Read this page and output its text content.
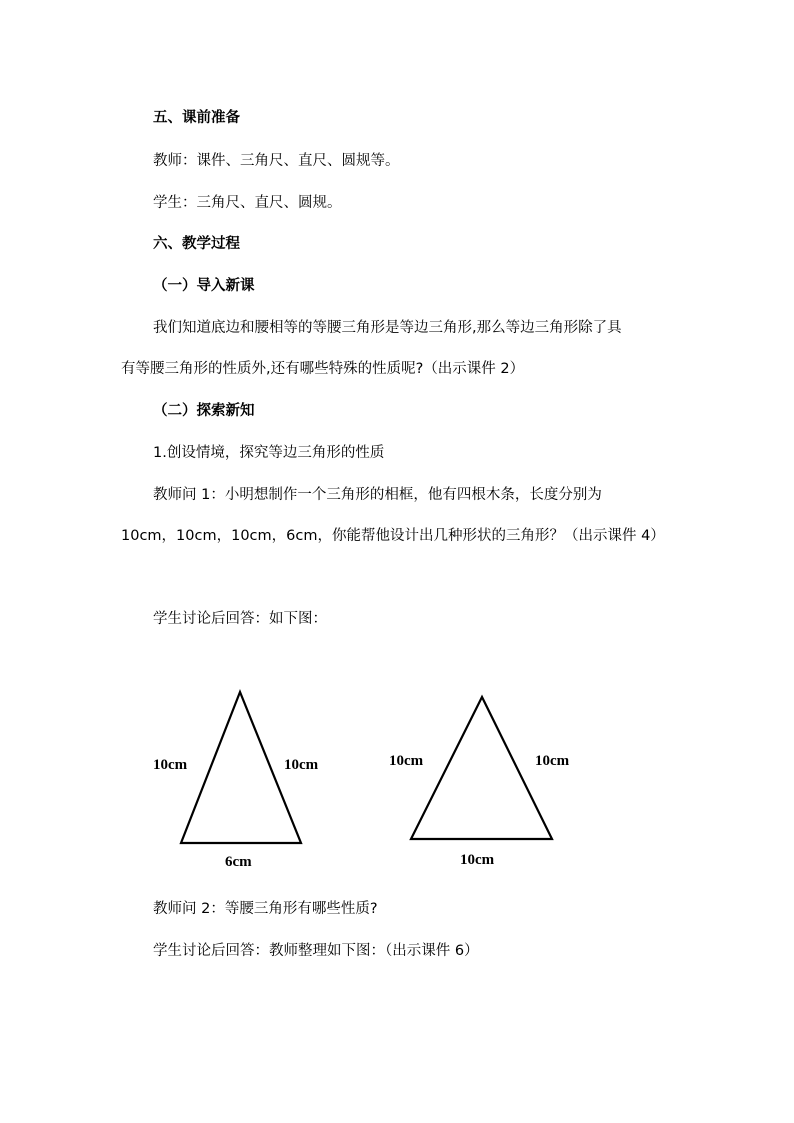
五、课前准备
教师：课件、三角尺、直尺、圆规等。
学生：三角尺、直尺、圆规。
六、教学过程
（一）导入新课
我们知道底边和腰相等的等腰三角形是等边三角形,那么等边三角形除了具
有等腰三角形的性质外,还有哪些特殊的性质呢?（出示课件 2）
（二）探索新知
1.创设情境，探究等边三角形的性质
教师问 1：小明想制作一个三角形的相框，他有四根木条，长度分别为
10cm，10cm，10cm，6cm，你能帮他设计出几种形状的三角形？（出示课件 4）
学生讨论后回答：如下图：
10cm	10cm
6cm
10cm	10cm
10cm
教师问 2：等腰三角形有哪些性质?
学生讨论后回答：教师整理如下图：（出示课件 6）
